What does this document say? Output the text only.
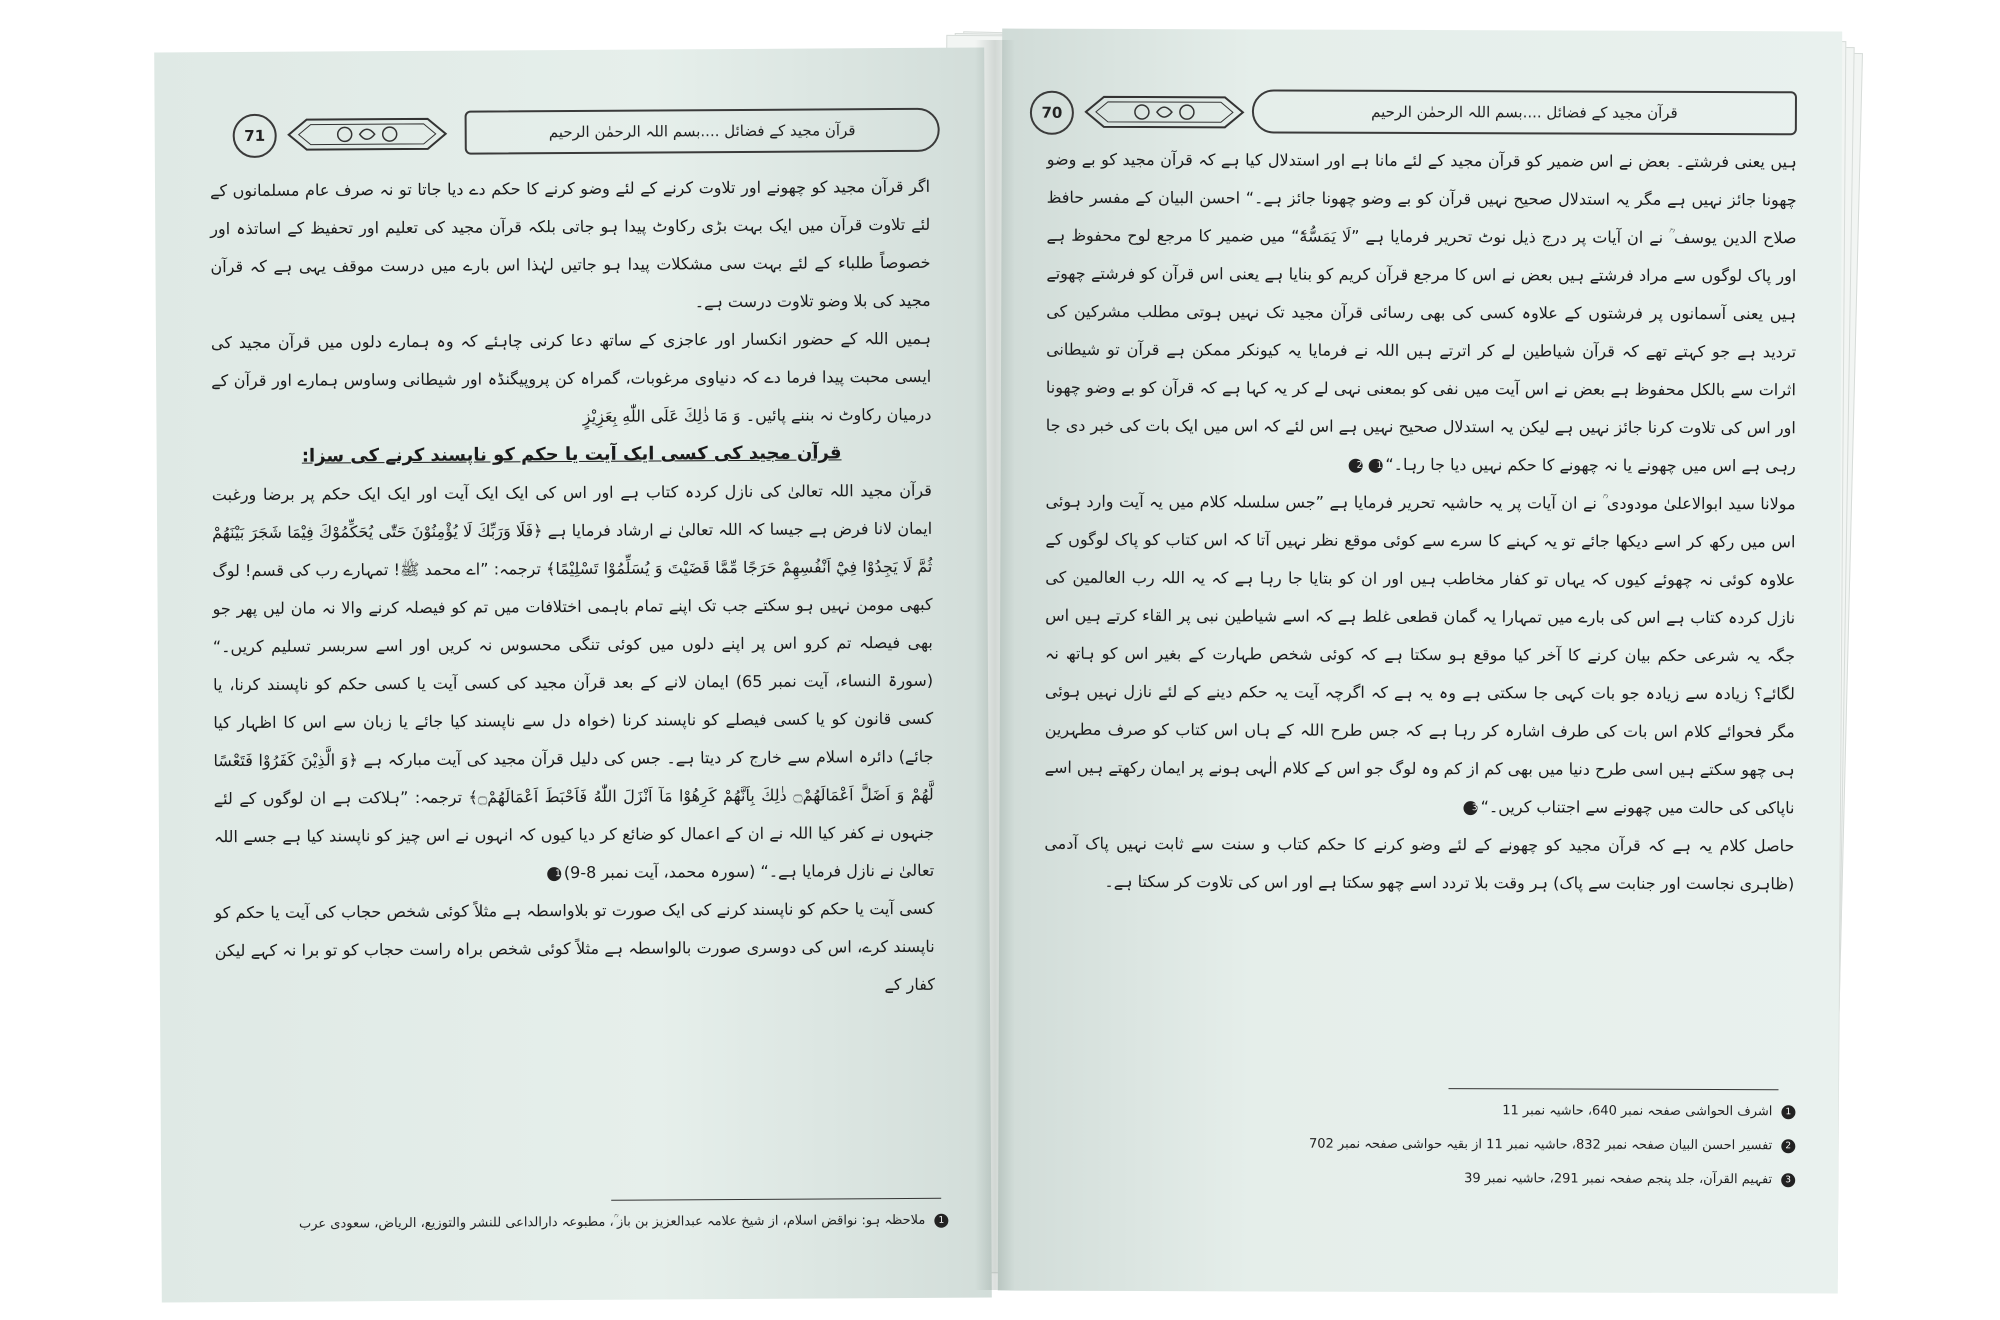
71	قرآن مجید کے فضائل ....بسم اللہ الرحمٰن الرحیم

اگر قرآن مجید کو چھونے اور تلاوت کرنے کے لئے وضو کرنے کا حکم دے دیا جاتا تو نہ صرف عام مسلمانوں کے لئے تلاوت قرآن میں ایک بہت بڑی رکاوٹ پیدا ہو جاتی بلکہ قرآن مجید کی تعلیم اور تحفیظ کے اساتذہ اور خصوصاً طلباء کے لئے بہت سی مشکلات پیدا ہو جاتیں لہٰذا اس بارے میں درست موقف یہی ہے کہ قرآن مجید کی بلا وضو تلاوت درست ہے۔

ہمیں اللہ کے حضور انکسار اور عاجزی کے ساتھ دعا کرنی چاہئے کہ وہ ہمارے دلوں میں قرآن مجید کی ایسی محبت پیدا فرما دے کہ دنیاوی مرغوبات، گمراہ کن پروپیگنڈہ اور شیطانی وساوس ہمارے اور قرآن کے درمیان رکاوٹ نہ بننے پائیں۔ وَ مَا ذٰلِكَ عَلَى اللّٰهِ بِعَزِيْزٍ

قرآن مجید کی کسی ایک آیت یا حکم کو ناپسند کرنے کی سزا:

قرآن مجید اللہ تعالیٰ کی نازل کردہ کتاب ہے اور اس کی ایک ایک آیت اور ایک ایک حکم پر برضا ورغبت ایمان لانا فرض ہے جیسا کہ اللہ تعالیٰ نے ارشاد فرمایا ہے ﴿فَلَا وَرَبِّكَ لَا يُؤْمِنُوْنَ حَتّٰى يُحَكِّمُوْكَ فِيْمَا شَجَرَ بَيْنَهُمْ ثُمَّ لَا يَجِدُوْا فِيْٓ اَنْفُسِهِمْ حَرَجًا مِّمَّا قَضَيْتَ وَ يُسَلِّمُوْا تَسْلِيْمًا﴾ ترجمہ: ”اے محمد ﷺ! تمہارے رب کی قسم! لوگ کبھی مومن نہیں ہو سکتے جب تک اپنے تمام باہمی اختلافات میں تم کو فیصلہ کرنے والا نہ مان لیں پھر جو بھی فیصلہ تم کرو اس پر اپنے دلوں میں کوئی تنگی محسوس نہ کریں اور اسے سربسر تسلیم کریں۔“ (سورۃ النساء، آیت نمبر 65) ایمان لانے کے بعد قرآن مجید کی کسی آیت یا کسی حکم کو ناپسند کرنا، یا کسی قانون کو یا کسی فیصلے کو ناپسند کرنا (خواہ دل سے ناپسند کیا جائے یا زبان سے اس کا اظہار کیا جائے) دائرہ اسلام سے خارج کر دیتا ہے۔ جس کی دلیل قرآن مجید کی آیت مبارکہ ہے ﴿وَ الَّذِيْنَ كَفَرُوْا فَتَعْسًا لَّهُمْ وَ اَضَلَّ اَعْمَالَهُمْ۝ ذٰلِكَ بِاَنَّهُمْ كَرِهُوْا مَآ اَنْزَلَ اللّٰهُ فَاَحْبَطَ اَعْمَالَهُمْ۝﴾ ترجمہ: ”ہلاکت ہے ان لوگوں کے لئے جنہوں نے کفر کیا اللہ نے ان کے اعمال کو ضائع کر دیا کیوں کہ انہوں نے اس چیز کو ناپسند کیا ہے جسے اللہ تعالیٰ نے نازل فرمایا ہے۔“ (سورہ محمد، آیت نمبر 8-9)1

کسی آیت یا حکم کو ناپسند کرنے کی ایک صورت تو بلاواسطہ ہے مثلاً کوئی شخص حجاب کی آیت یا حکم کو ناپسند کرے، اس کی دوسری صورت بالواسطہ ہے مثلاً کوئی شخص براہ راست حجاب کو تو برا نہ کہے لیکن کفار کے

1
ملاحظہ ہو: نواقض اسلام، از شیخ علامہ عبدالعزیز بن باز ؒ، مطبوعہ دارالداعی للنشر والتوزیع، الریاض، سعودی عرب
70	قرآن مجید کے فضائل ....بسم اللہ الرحمٰن الرحیم

ہیں یعنی فرشتے۔ بعض نے اس ضمیر کو قرآن مجید کے لئے مانا ہے اور استدلال کیا ہے کہ قرآن مجید کو بے وضو چھونا جائز نہیں ہے مگر یہ استدلال صحیح نہیں قرآن کو بے وضو چھونا جائز ہے۔“ احسن البیان کے مفسر حافظ صلاح الدین یوسف ؒ نے ان آیات پر درج ذیل نوٹ تحریر فرمایا ہے ”لَا يَمَسُّهٗٓ“ میں ضمیر کا مرجع لوح محفوظ ہے اور پاک لوگوں سے مراد فرشتے ہیں بعض نے اس کا مرجع قرآن کریم کو بنایا ہے یعنی اس قرآن کو فرشتے چھوتے ہیں یعنی آسمانوں پر فرشتوں کے علاوہ کسی کی بھی رسائی قرآن مجید تک نہیں ہوتی مطلب مشرکین کی تردید ہے جو کہتے تھے کہ قرآن شیاطین لے کر اترتے ہیں اللہ نے فرمایا یہ کیونکر ممکن ہے قرآن تو شیطانی اثرات سے بالکل محفوظ ہے بعض نے اس آیت میں نفی کو بمعنی نہی لے کر یہ کہا ہے کہ قرآن کو بے وضو چھونا اور اس کی تلاوت کرنا جائز نہیں ہے لیکن یہ استدلال صحیح نہیں ہے اس لئے کہ اس میں ایک بات کی خبر دی جا رہی ہے اس میں چھونے یا نہ چھونے کا حکم نہیں دیا جا رہا۔“12

مولانا سید ابوالاعلیٰ مودودی ؒ نے ان آیات پر یہ حاشیہ تحریر فرمایا ہے ”جس سلسلہ کلام میں یہ آیت وارد ہوئی اس میں رکھ کر اسے دیکھا جائے تو یہ کہنے کا سرے سے کوئی موقع نظر نہیں آتا کہ اس کتاب کو پاک لوگوں کے علاوہ کوئی نہ چھوئے کیوں کہ یہاں تو کفار مخاطب ہیں اور ان کو بتایا جا رہا ہے کہ یہ اللہ رب العالمین کی نازل کردہ کتاب ہے اس کی بارے میں تمہارا یہ گمان قطعی غلط ہے کہ اسے شیاطین نبی پر القاء کرتے ہیں اس جگہ یہ شرعی حکم بیان کرنے کا آخر کیا موقع ہو سکتا ہے کہ کوئی شخص طہارت کے بغیر اس کو ہاتھ نہ لگائے؟ زیادہ سے زیادہ جو بات کہی جا سکتی ہے وہ یہ ہے کہ اگرچہ آیت یہ حکم دینے کے لئے نازل نہیں ہوئی مگر فحوائے کلام اس بات کی طرف اشارہ کر رہا ہے کہ جس طرح اللہ کے ہاں اس کتاب کو صرف مطہرین ہی چھو سکتے ہیں اسی طرح دنیا میں بھی کم از کم وہ لوگ جو اس کے کلام الٰہی ہونے پر ایمان رکھتے ہیں اسے ناپاکی کی حالت میں چھونے سے اجتناب کریں۔“3

حاصل کلام یہ ہے کہ قرآن مجید کو چھونے کے لئے وضو کرنے کا حکم کتاب و سنت سے ثابت نہیں پاک آدمی (ظاہری نجاست اور جنابت سے پاک) ہر وقت بلا تردد اسے چھو سکتا ہے اور اس کی تلاوت کر سکتا ہے۔

1
اشرف الحواشی صفحہ نمبر 640، حاشیہ نمبر 11
2
تفسیر احسن البیان صفحہ نمبر 832، حاشیہ نمبر 11 از بقیہ حواشی صفحہ نمبر 702
3
تفہیم القرآن، جلد پنجم صفحہ نمبر 291، حاشیہ نمبر 39
